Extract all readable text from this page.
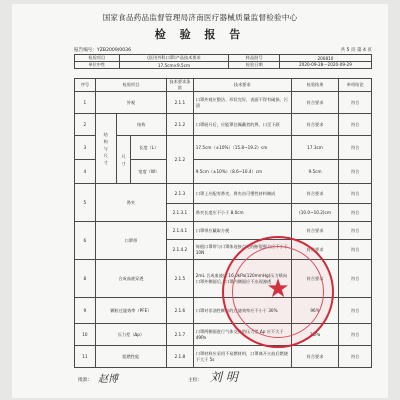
国家食品药品监督管理局济南医疗器械质量监督检验中心
检 验 报 告
报告编号：YZB2009/0036	共 5 页 第 4 页
检验项目	(医用外科口罩)产品技术要求	样品批号	200810
单位中性	17.5cm×9.5cm	检验日期	2020-09-28～2020-09-29
序号	检验项目			技术要求条款	技术要求	检验结果	单项结论
1	外观			2.1.1	口罩外观应整洁、形状完好，表面不得有破损、污渍	符合要求	符合
2	结构与尺寸	结构		2.1.2	口罩展开后，应能罩住佩戴者的鼻、口至下颌	符合要求	符合
3		尺寸	长度（L）	2.1.2	17.5cm（±10%）（15.8~19.2）cm	17.3cm	符合
4			宽度（W）		9.5cm（±10%）（8.6~10.4）cm	9.5cm	符合
5	鼻夹			2.1.3	口罩上应配有鼻夹，鼻夹由可塑性材料制成	符合要求	符合
				2.1.3.1	鼻夹长度应不小于 8.0cm	(10.0~10.2)cm	符合
6	口罩带			2.1.4.1	口罩带应戴取方便	符合要求	符合
				2.1.4.2	每根口罩带与口罩体连接点处的断裂强力应不小于 10N	符合要求	符合
8	合成血液穿透			2.1.5	2mL 合成血液以 16.0kPa(120mmHg)压力喷向口罩外侧面后，口罩内侧面应不出现渗透	符合要求	符合
9	颗粒过滤效率（PFE）			2.1.6	口罩对非油性颗粒的过滤效率应不小于 30%	96%	符合
10	压力差（Δp）			2.1.7	口罩两侧面进行气体交换的压力差 Δp 应不大于 49Pa	31Pa	符合
11	阻燃性能			2.1.8	口罩材料应采用不易燃材料，口罩离开火焰后燃烧不大于 5s	符合要求	符合
★
批准： 赵博	主检： 刘 明
